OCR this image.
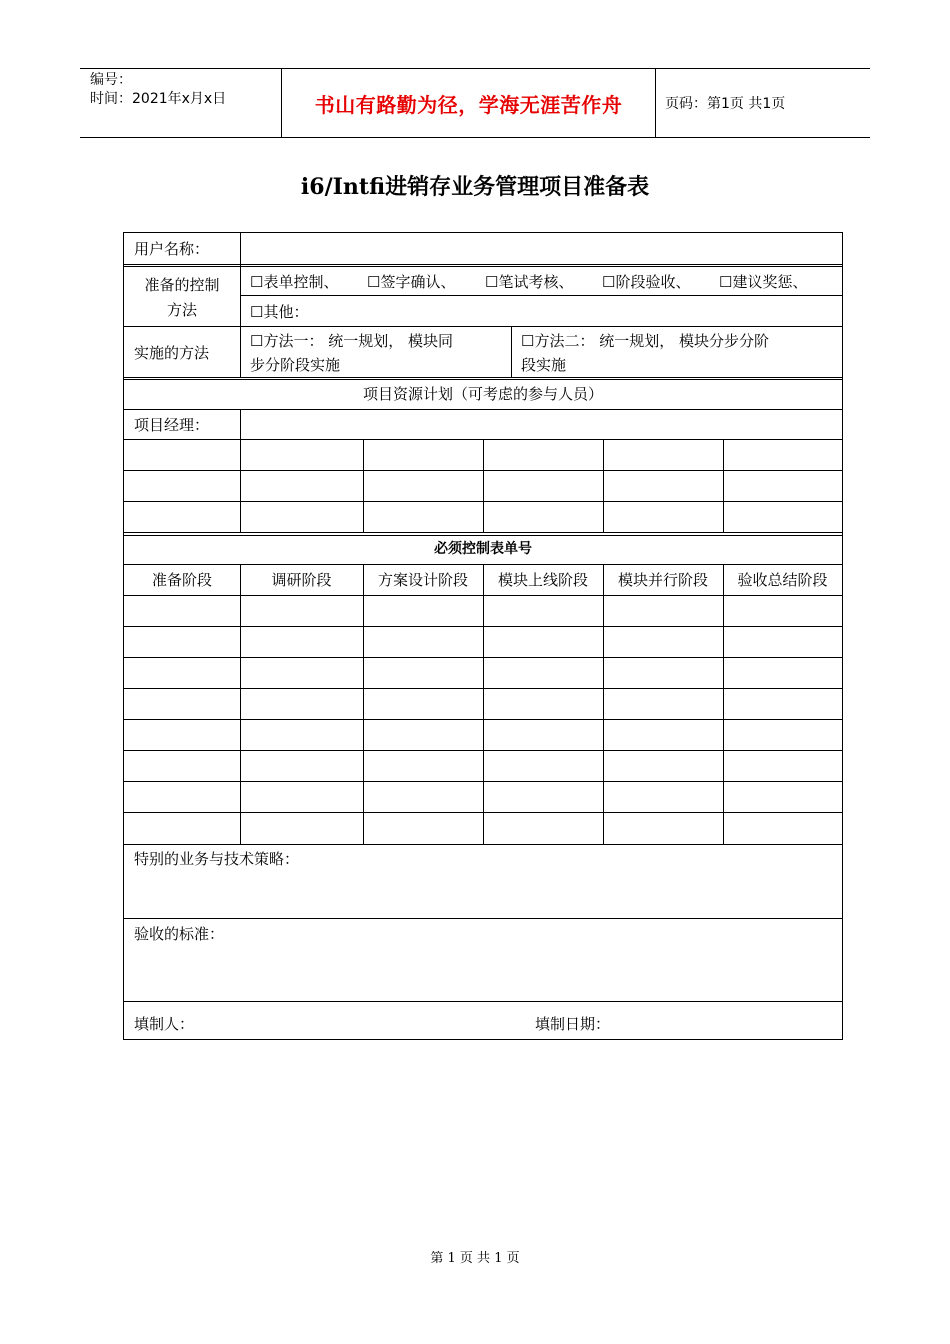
编号：
时间：2021年x月x日	书山有路勤为径，学海无涯苦作舟	页码：第1页 共1页
i6/Intfi进销存业务管理项目准备表
用户名称：
准备的控制
方法
☐表单控制、 ☐签字确认、 ☐笔试考核、 ☐阶段验收、 ☐建议奖惩、
☐其他：
实施的方法
☐方法一： 统一规划， 模块同
步分阶段实施
☐方法二： 统一规划， 模块分步分阶
段实施
项目资源计划（可考虑的参与人员）
项目经理：
必须控制表单号
准备阶段	调研阶段	方案设计阶段	模块上线阶段	模块并行阶段	验收总结阶段
特别的业务与技术策略：
验收的标准：
填制人：	填制日期：
第 1 页 共 1 页
